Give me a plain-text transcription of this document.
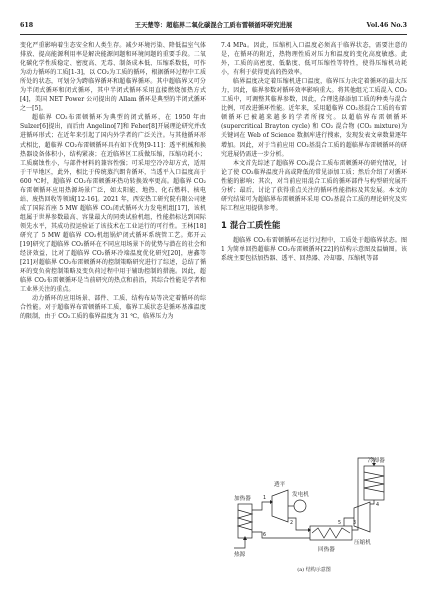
618	王天楚等：超临界二氧化碳混合工质布雷顿循环研究进展	Vol.46 No.3

变化严重影响着生态安全和人类生存。减少环境污染、降低温室气体排放、提高能源利用率是解决能源问题和环境问题的重要手段。二氧化碳化学性质稳定、密度高、无毒、制备成本低、压缩系数低，可作为动力循环的工质[1-3]，以 CO₂为工质的循环，根据循环过程中工质所处的状态，可划分为跨临界循环和超临界循环。其中超临界又可分为半闭式循环和闭式循环，其中半闭式循环采用直接燃烧加热方式[4]，美国 NET Power 公司提出的 Allam 循环是典型的半闭式循环之一[5]。

超临界 CO₂布雷顿循环为典型的闭式循环，在 1950 年由 Sulzer[6]提出，而后由 Angelino[7]和 Feher[8]开展理论研究并改进循环形式；在近年来引起了国内外学者的广泛关注。与其他循环形式相比，超临界 CO₂布雷顿循环具有如下优势[9-11]：透平机械和换热器设备体积小，结构紧凑；在近临界区工质做压缩，压缩功耗小；工质腐蚀性小，与部件材料的兼容性强；可采用空冷冷却方式，适用于干旱地区，此外，相比于传统蒸汽朗肯循环，当透平入口温度高于 600 ℃时，超临界 CO₂布雷顿循环热功转换效率更高。超临界 CO₂布雷顿循环应用热源场景广泛，如太阳能、地热、化石燃料、核电站、废热回收等领域[12-16]。2021 年，西安热工研究院有限公司建成了国际首座 5 MW 超临界 CO₂闭式循环火力发电机组[17]，该机组属于世界参数最高、容量最大的同类试验机组，性能指标达到国际领先水平，其成功投运验证了该技术在工业运行的可行性。王林[18]研究了 5 MW 超临界 CO₂机组锅炉闭式循环系统管工艺。郑开云[19]研究了超临界 CO₂循环在不同应用场景下的优势与潜在的社会和经济效益，比对了超临界 CO₂循环冷端温度优化研究[20]，唐鑫等[21]对超临界 CO₂布雷顿循环的控制策略研究进行了综述，总结了循环的变负荷控制策略及变负荷过程中用于辅助控制的措施。因此，超临界 CO₂布雷顿循环是当前研究的热点和前沿，其综合性能是学者和工业界关注的重点。

动力循环的应用场景、部件、工质、结构布局等决定着循环的综合性能。对于超临界布雷顿循环工质，临界工质状态是循环基准温度的限制，由于 CO₂工质的临界温度为 31 ℃，临界压力为

7.4 MPa。因此，压缩机入口温度必须高于临界状态，需要注意的是，在循环的附近，热物理性质对压力和温度的变化高度敏感。此外，工质的高密度、低黏度、低可压缩性等特性，使得压缩机功耗小，有利于获得更高的热效率。

临界温度决定着压缩机进口温度，临界压力决定着循环的最大压力，因此，临界参数对循环效率影响重大。将其他组元工质混入 CO₂工质中，可调整其临界参数，因此，合理选择添加工质的种类与混合比例，可改进循环性能。近年来，采用超临界 CO₂基混合工质的布雷顿循环已被越来越多的学者所探究。以超临界布雷顿循环 (supercritical Brayton cycle) 和 CO₂ 混合物 (CO₂ mixture)为关键词在 Web of Science 数据库进行搜索，发现发表文章数量逐年增加。因此，对于当前应用 CO₂基混合工质的超临界布雷顿循环的研究进展仍需进一步分析。

本文首先综述了超临界 CO₂混合工质布雷顿循环的研究情况，讨论了使 CO₂临界温度升高或降低的常见添加工质；然后介绍了对循环性能的影响；其次，对当前应用混合工质的循环部件与构型研究展开分析；最后，讨论了获得重点关注的循环性能指标及其发展。本文的研究结果可为超临界布雷顿循环采用 CO₂基混合工质的理论研究及实际工程应用提供参考。

1 混合工质性能

超临界 CO₂布雷顿循环在运行过程中，工质处于超临界状态。图 1 为简单回热超临界 CO₂布雷顿循环[22]的结构示意图及温熵图。该系统主要包括加热器、透平、回热器、冷却器、压缩机等部

冷却器
加热器
透平
发电机
压缩机
回热器
热源
1
2	3
4
5
6
(a) 结构示意图
